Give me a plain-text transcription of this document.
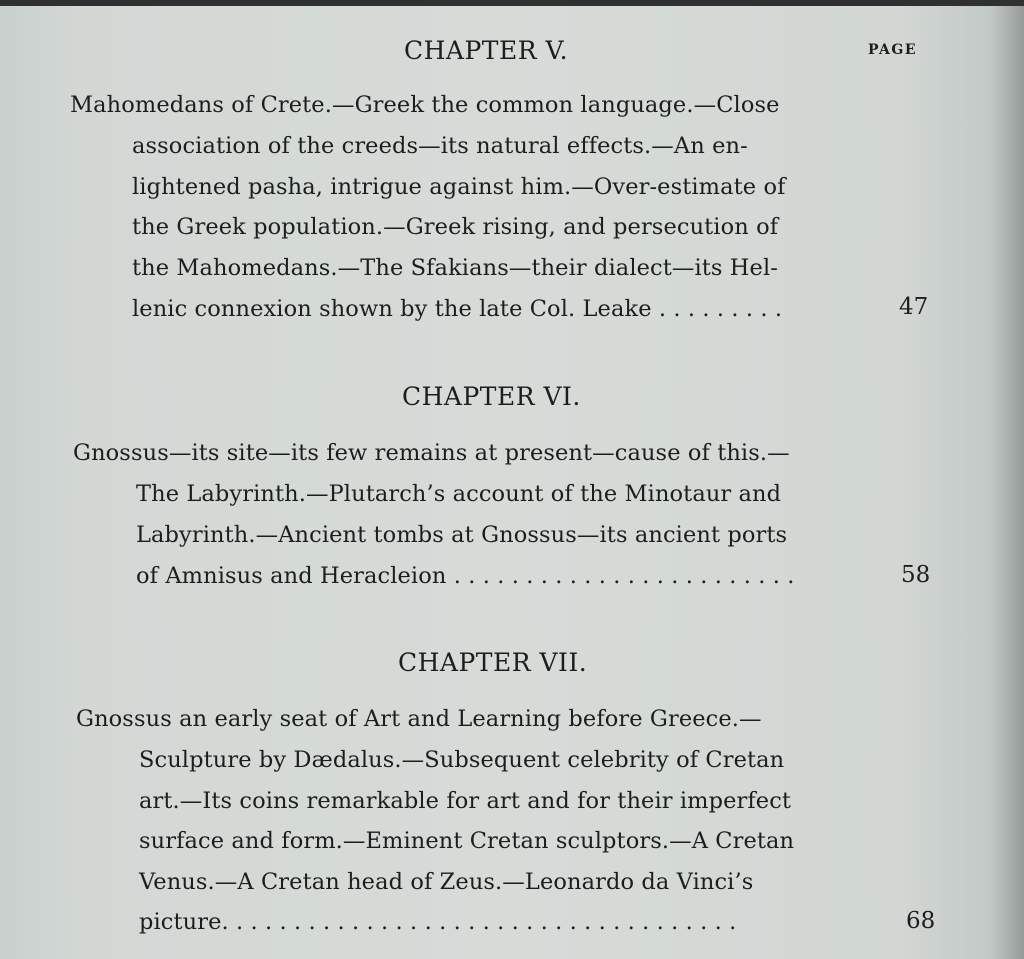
CHAPTER V.	PAGE
Mahomedans of Crete.—Greek the common language.—Close
association of the creeds—its natural effects.—An en-
lightened pasha, intrigue against him.—Over-estimate of
the Greek population.—Greek rising, and persecution of
the Mahomedans.—The Sfakians—their dialect—its Hel-
lenic connexion shown by the late Col. Leake . . . . . . . . .	47
CHAPTER VI.
Gnossus—its site—its few remains at present—cause of this.—
The Labyrinth.—Plutarch’s account of the Minotaur and
Labyrinth.—Ancient tombs at Gnossus—its ancient ports
of Amnisus and Heracleion . . . . . . . . . . . . . . . . . . . . . . . .	58
CHAPTER VII.
Gnossus an early seat of Art and Learning before Greece.—
Sculpture by Dædalus.—Subsequent celebrity of Cretan
art.—Its coins remarkable for art and for their imperfect
surface and form.—Eminent Cretan sculptors.—A Cretan
Venus.—A Cretan head of Zeus.—Leonardo da Vinci’s
picture. . . . . . . . . . . . . . . . . . . . . . . . . . . . . . . . . . . .	68
